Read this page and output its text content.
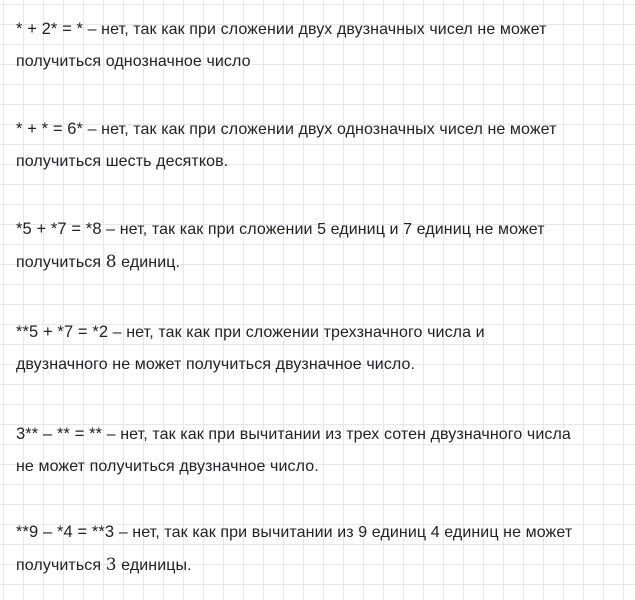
* + 2* = * – нет, так как при сложении двух двузначных чисел не может
получиться однозначное число
* + * = 6* – нет, так как при сложении двух однозначных чисел не может
получиться шесть десятков.
*5 + *7 = *8 – нет, так как при сложении 5 единиц и 7 единиц не может
получиться 8 единиц.
**5 + *7 = *2 – нет, так как при сложении трехзначного числа и
двузначного не может получиться двузначное число.
3** – ** = ** – нет, так как при вычитании из трех сотен двузначного числа
не может получиться двузначное число.
**9 – *4 = **3 – нет, так как при вычитании из 9 единиц 4 единиц не может
получиться 3 единицы.
